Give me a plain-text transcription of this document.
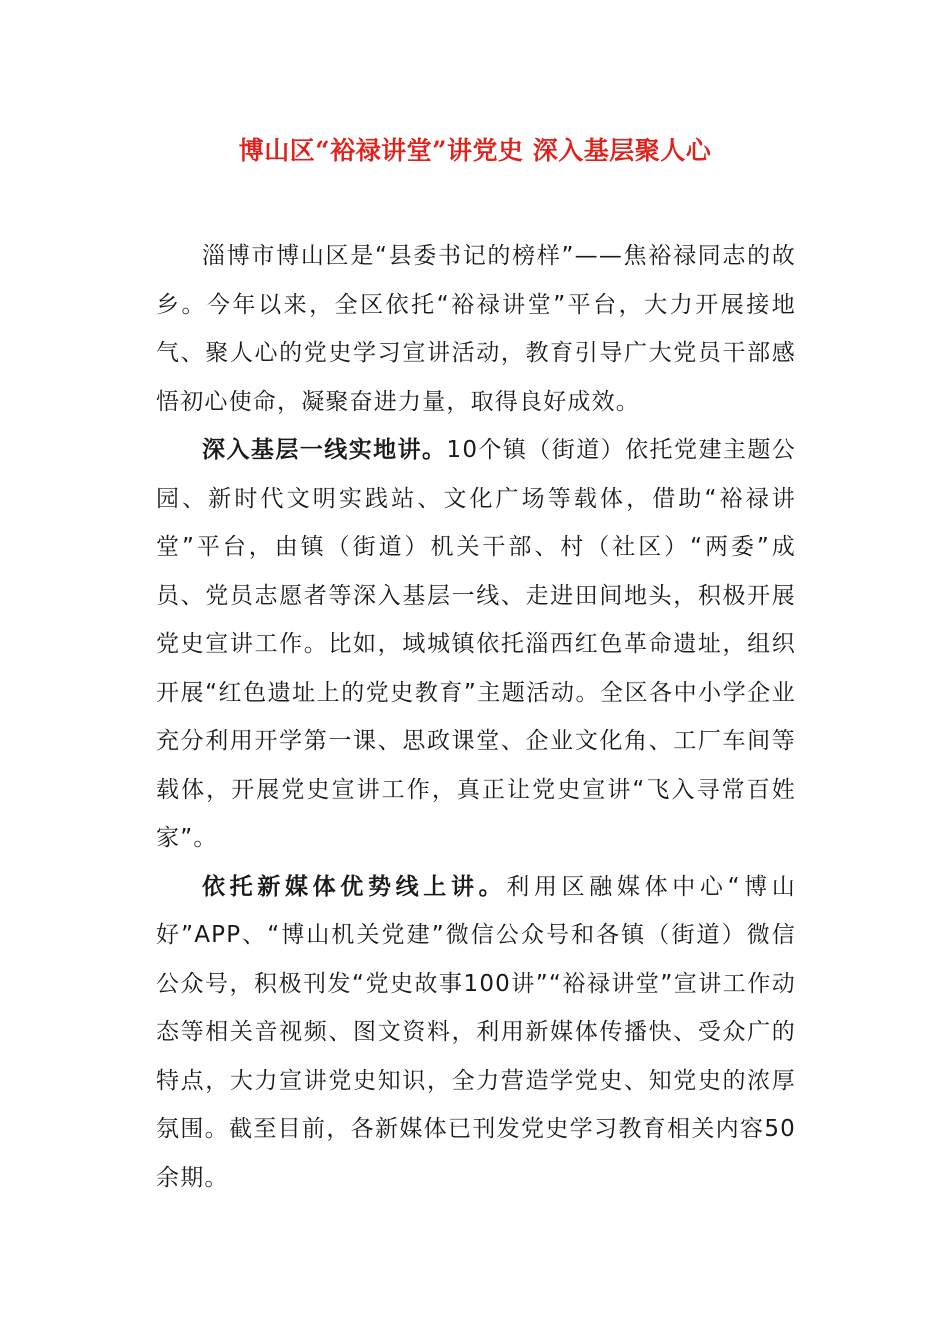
博山区“裕禄讲堂”讲党史 深入基层聚人心

淄博市博山区是“县委书记的榜样”——焦裕禄同志的故乡。今年以来，全区依托“裕禄讲堂”平台，大力开展接地气、聚人心的党史学习宣讲活动，教育引导广大党员干部感悟初心使命，凝聚奋进力量，取得良好成效。

深入基层一线实地讲。10个镇（街道）依托党建主题公园、新时代文明实践站、文化广场等载体，借助“裕禄讲堂”平台，由镇（街道）机关干部、村（社区）“两委”成员、党员志愿者等深入基层一线、走进田间地头，积极开展党史宣讲工作。比如，域城镇依托淄西红色革命遗址，组织开展“红色遗址上的党史教育”主题活动。全区各中小学企业充分利用开学第一课、思政课堂、企业文化角、工厂车间等载体，开展党史宣讲工作，真正让党史宣讲“飞入寻常百姓家”。

依托新媒体优势线上讲。利用区融媒体中心“博山好”APP、“博山机关党建”微信公众号和各镇（街道）微信公众号，积极刊发“党史故事100讲”“裕禄讲堂”宣讲工作动态等相关音视频、图文资料，利用新媒体传播快、受众广的特点，大力宣讲党史知识，全力营造学党史、知党史的浓厚氛围。截至目前，各新媒体已刊发党史学习教育相关内容50余期。
